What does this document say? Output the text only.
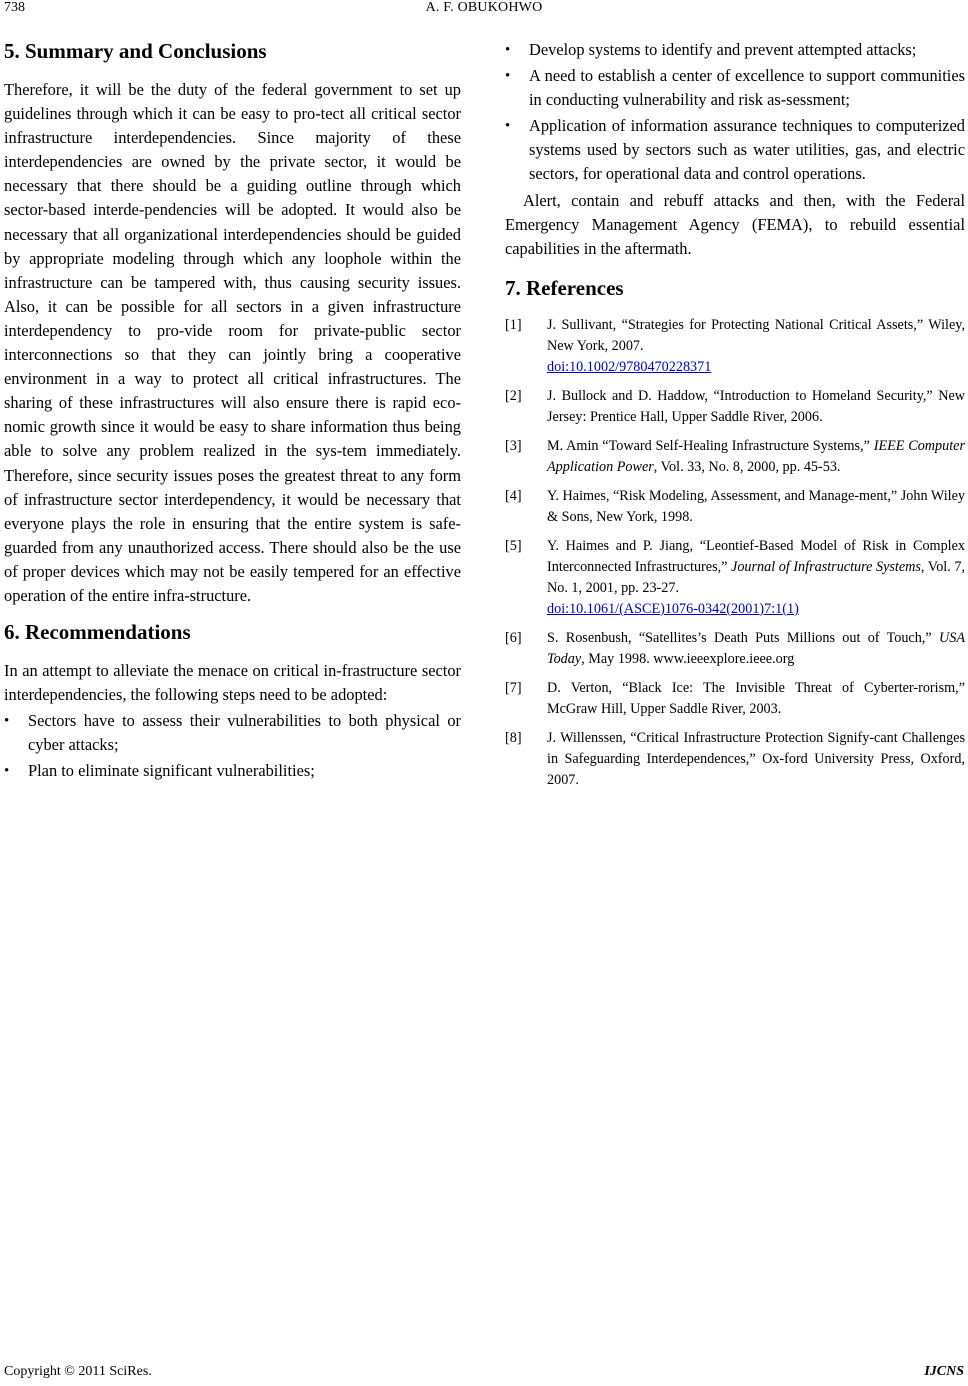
738	A. F. OBUKOHWO
5. Summary and Conclusions

Therefore, it will be the duty of the federal government to set up guidelines through which it can be easy to pro-tect all critical sector infrastructure interdependencies. Since majority of these interdependencies are owned by the private sector, it would be necessary that there should be a guiding outline through which sector-based interde-pendencies will be adopted. It would also be necessary that all organizational interdependencies should be guided by appropriate modeling through which any loophole within the infrastructure can be tampered with, thus causing security issues. Also, it can be possible for all sectors in a given infrastructure interdependency to pro-vide room for private-public sector interconnections so that they can jointly bring a cooperative environment in a way to protect all critical infrastructures. The sharing of these infrastructures will also ensure there is rapid eco-nomic growth since it would be easy to share information thus being able to solve any problem realized in the sys-tem immediately. Therefore, since security issues poses the greatest threat to any form of infrastructure sector interdependency, it would be necessary that everyone plays the role in ensuring that the entire system is safe-guarded from any unauthorized access. There should also be the use of proper devices which may not be easily tempered for an effective operation of the entire infra-structure.

6. Recommendations

In an attempt to alleviate the menace on critical in-frastructure sector interdependencies, the following steps need to be adopted:

• Sectors have to assess their vulnerabilities to both physical or cyber attacks;
• Plan to eliminate significant vulnerabilities;
• Develop systems to identify and prevent attempted attacks;
• A need to establish a center of excellence to support communities in conducting vulnerability and risk as-sessment;
• Application of information assurance techniques to computerized systems used by sectors such as water utilities, gas, and electric sectors, for operational data and control operations.

Alert, contain and rebuff attacks and then, with the Federal Emergency Management Agency (FEMA), to rebuild essential capabilities in the aftermath.

7. References
[1] J. Sullivant, “Strategies for Protecting National Critical Assets,” Wiley, New York, 2007.
doi:10.1002/9780470228371
[2] J. Bullock and D. Haddow, “Introduction to Homeland Security,” New Jersey: Prentice Hall, Upper Saddle River, 2006.
[3] M. Amin “Toward Self-Healing Infrastructure Systems,” IEEE Computer Application Power, Vol. 33, No. 8, 2000, pp. 45-53.
[4] Y. Haimes, “Risk Modeling, Assessment, and Manage-ment,” John Wiley & Sons, New York, 1998.
[5] Y. Haimes and P. Jiang, “Leontief-Based Model of Risk in Complex Interconnected Infrastructures,” Journal of Infrastructure Systems, Vol. 7, No. 1, 2001, pp. 23-27.
doi:10.1061/(ASCE)1076-0342(2001)7:1(1)
[6] S. Rosenbush, “Satellites’s Death Puts Millions out of Touch,” USA Today, May 1998. www.ieeexplore.ieee.org
[7] D. Verton, “Black Ice: The Invisible Threat of Cyberter-rorism,” McGraw Hill, Upper Saddle River, 2003.
[8] J. Willenssen, “Critical Infrastructure Protection Signify-cant Challenges in Safeguarding Interdependences,” Ox-ford University Press, Oxford, 2007.
Copyright © 2011 SciRes.	IJCNS
